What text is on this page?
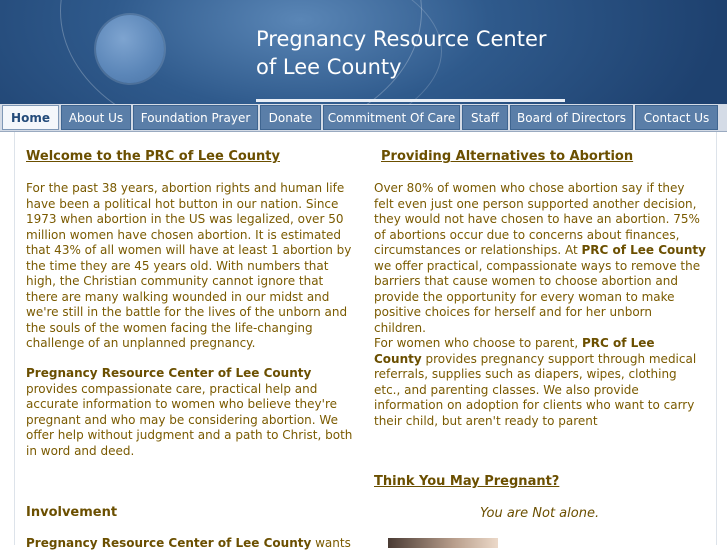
Pregnancy Resource Center
of Lee County
Home	About Us	Foundation Prayer	Donate	Commitment Of Care	Staff	Board of Directors	Contact Us
Welcome to the PRC of Lee County

For the past 38 years, abortion rights and human life have been a political hot button in our nation. Since 1973 when abortion in the US was legalized, over 50 million women have chosen abortion. It is estimated that 43% of all women will have at least 1 abortion by the time they are 45 years old. With numbers that high, the Christian community cannot ignore that there are many walking wounded in our midst and we're still in the battle for the lives of the unborn and the souls of the women facing the life-changing challenge of an unplanned pregnancy.

Pregnancy Resource Center of Lee County provides compassionate care, practical help and accurate information to women who believe they're pregnant and who may be considering abortion. We offer help without judgment and a path to Christ, both in word and deed.

Involvement

Pregnancy Resource Center of Lee County wants

Providing Alternatives to Abortion

Over 80% of women who chose abortion say if they felt even just one person supported another decision, they would not have chosen to have an abortion. 75% of abortions occur due to concerns about finances, circumstances or relationships. At PRC of Lee County we offer practical, compassionate ways to remove the barriers that cause women to choose abortion and provide the opportunity for every woman to make positive choices for herself and for her unborn children.

For women who choose to parent, PRC of Lee County provides pregnancy support through medical referrals, supplies such as diapers, wipes, clothing etc., and parenting classes. We also provide information on adoption for clients who want to carry their child, but aren't ready to parent

Think You May Pregnant?
You are Not alone.
